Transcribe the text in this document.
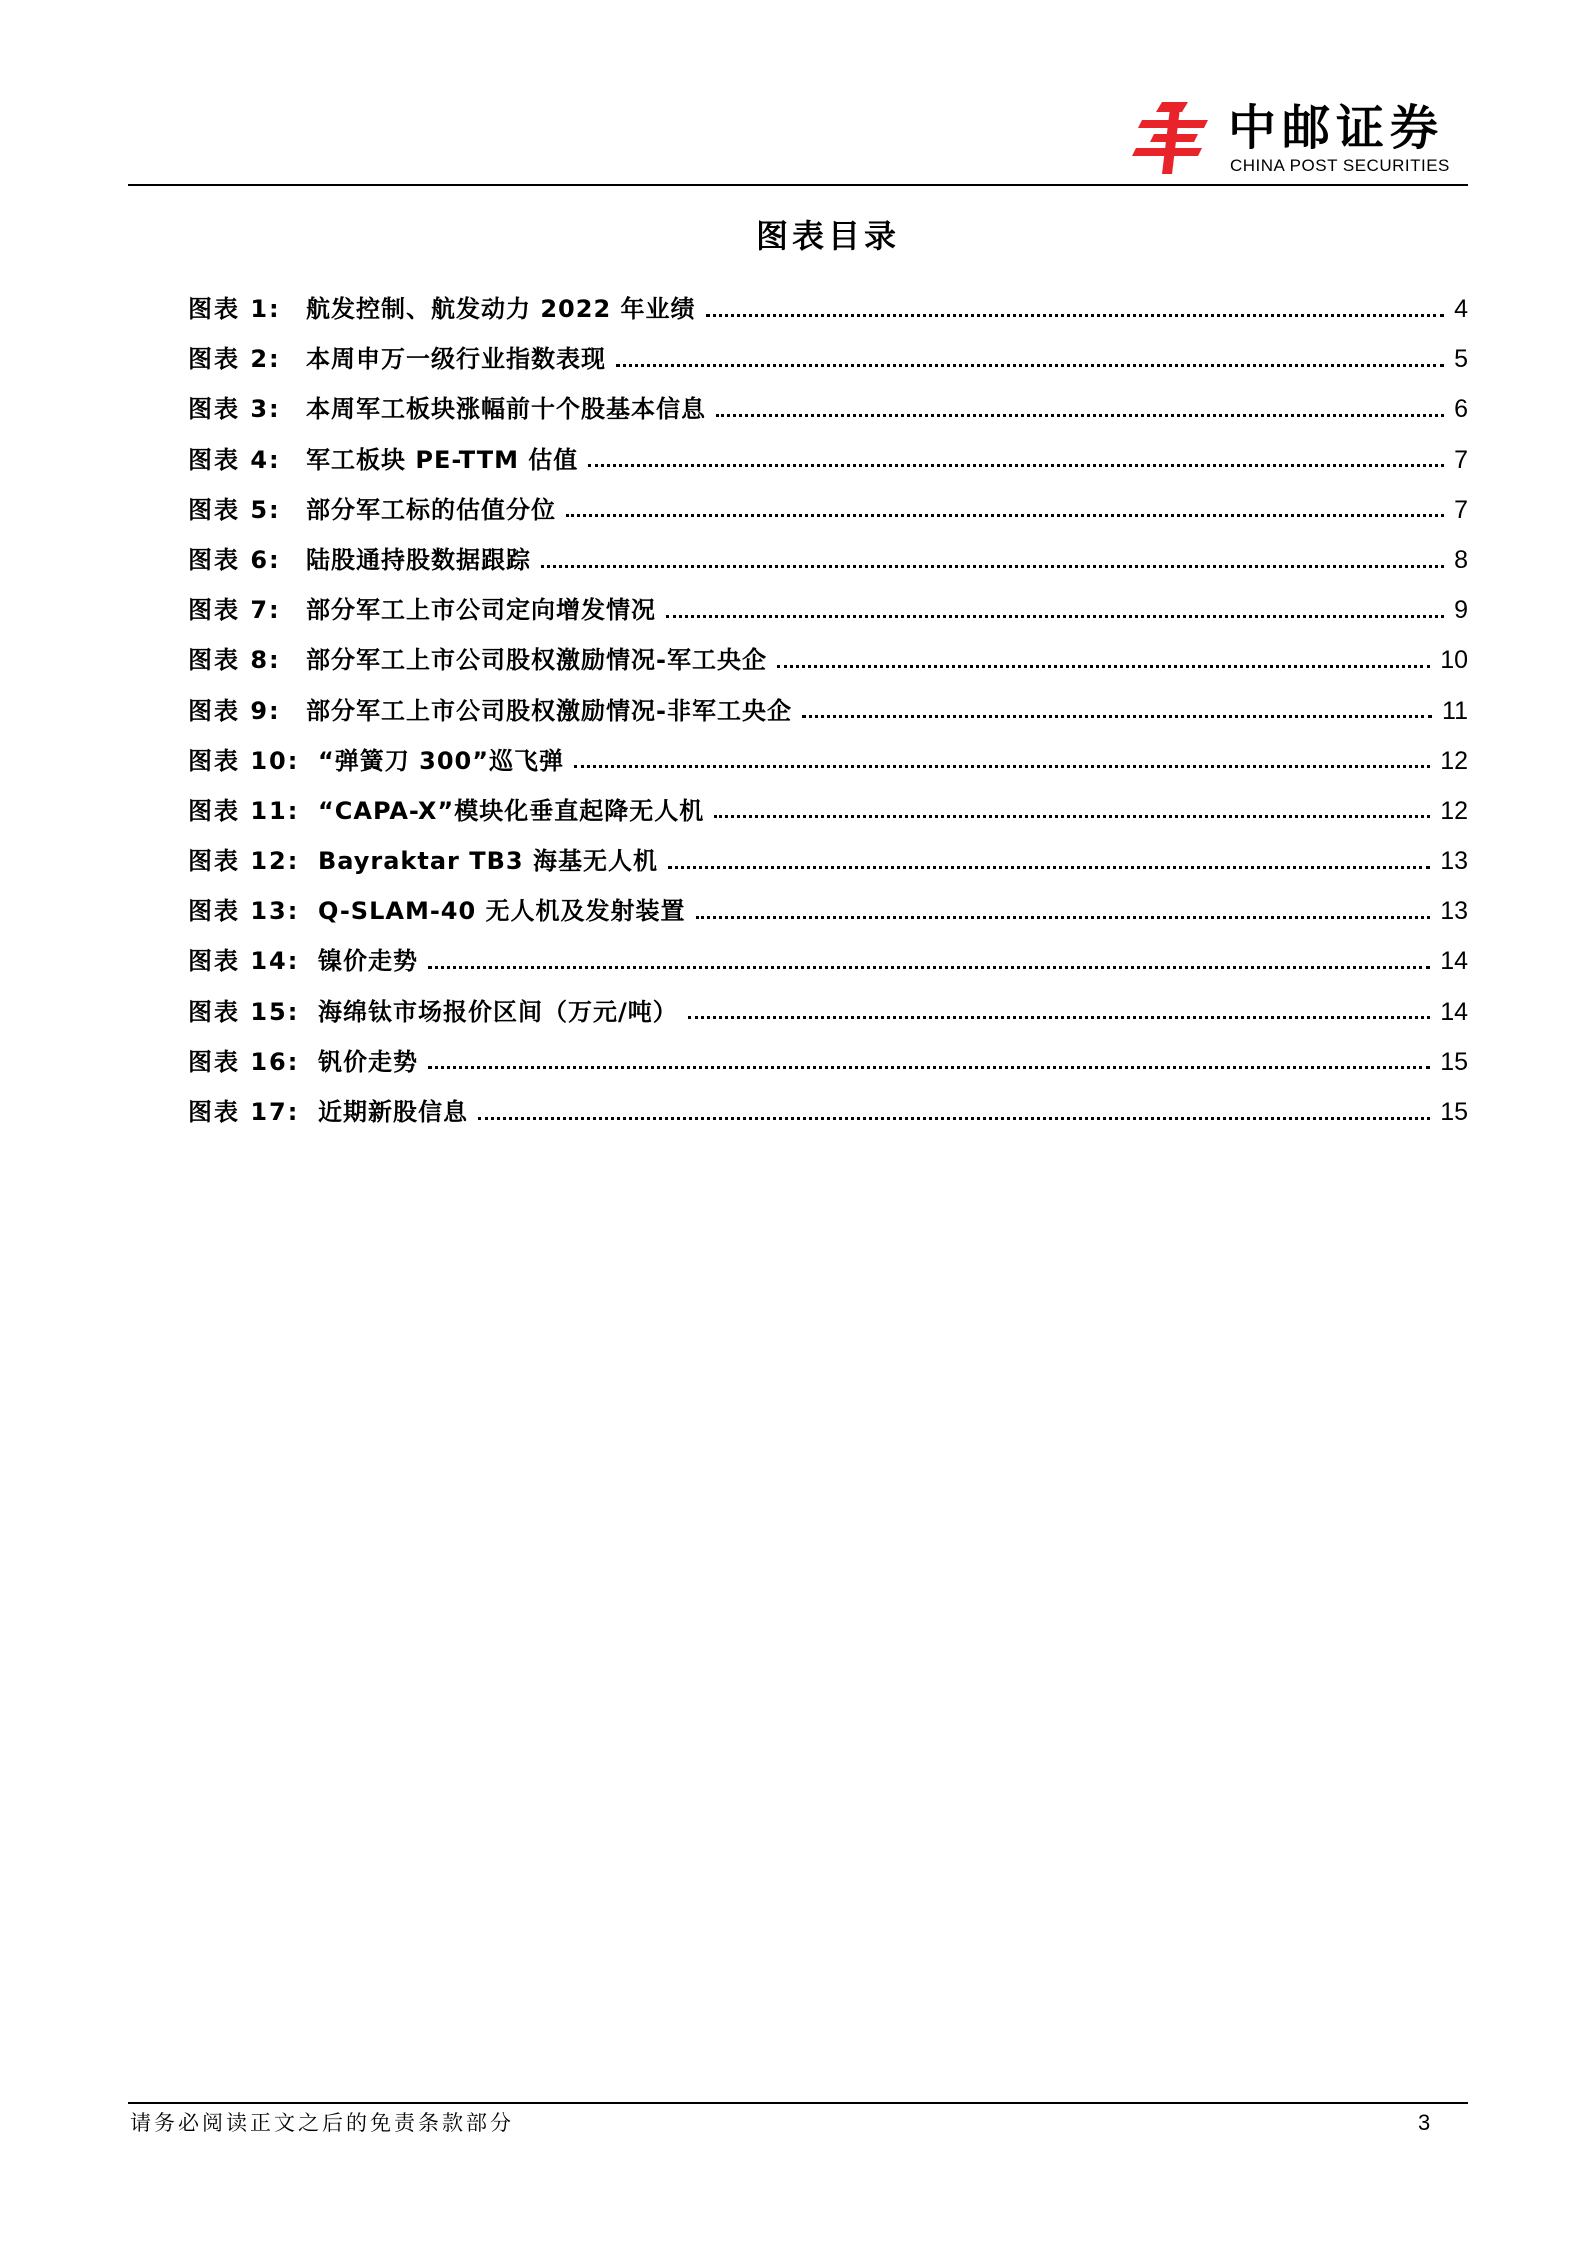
中邮证券
CHINA POST SECURITIES
图表目录
图表 1:	航发控制、航发动力 2022 年业绩	4
图表 2:	本周申万一级行业指数表现	5
图表 3:	本周军工板块涨幅前十个股基本信息	6
图表 4:	军工板块 PE-TTM 估值	7
图表 5:	部分军工标的估值分位	7
图表 6:	陆股通持股数据跟踪	8
图表 7:	部分军工上市公司定向增发情况	9
图表 8:	部分军工上市公司股权激励情况-军工央企	10
图表 9:	部分军工上市公司股权激励情况-非军工央企	11
图表 10: “弹簧刀 300”巡飞弹	12
图表 11: “CAPA-X”模块化垂直起降无人机	12
图表 12: Bayraktar TB3 海基无人机	13
图表 13: Q-SLAM-40 无人机及发射装置	13
图表 14: 镍价走势	14
图表 15: 海绵钛市场报价区间（万元/吨）	14
图表 16: 钒价走势	15
图表 17: 近期新股信息	15
请务必阅读正文之后的免责条款部分	3
